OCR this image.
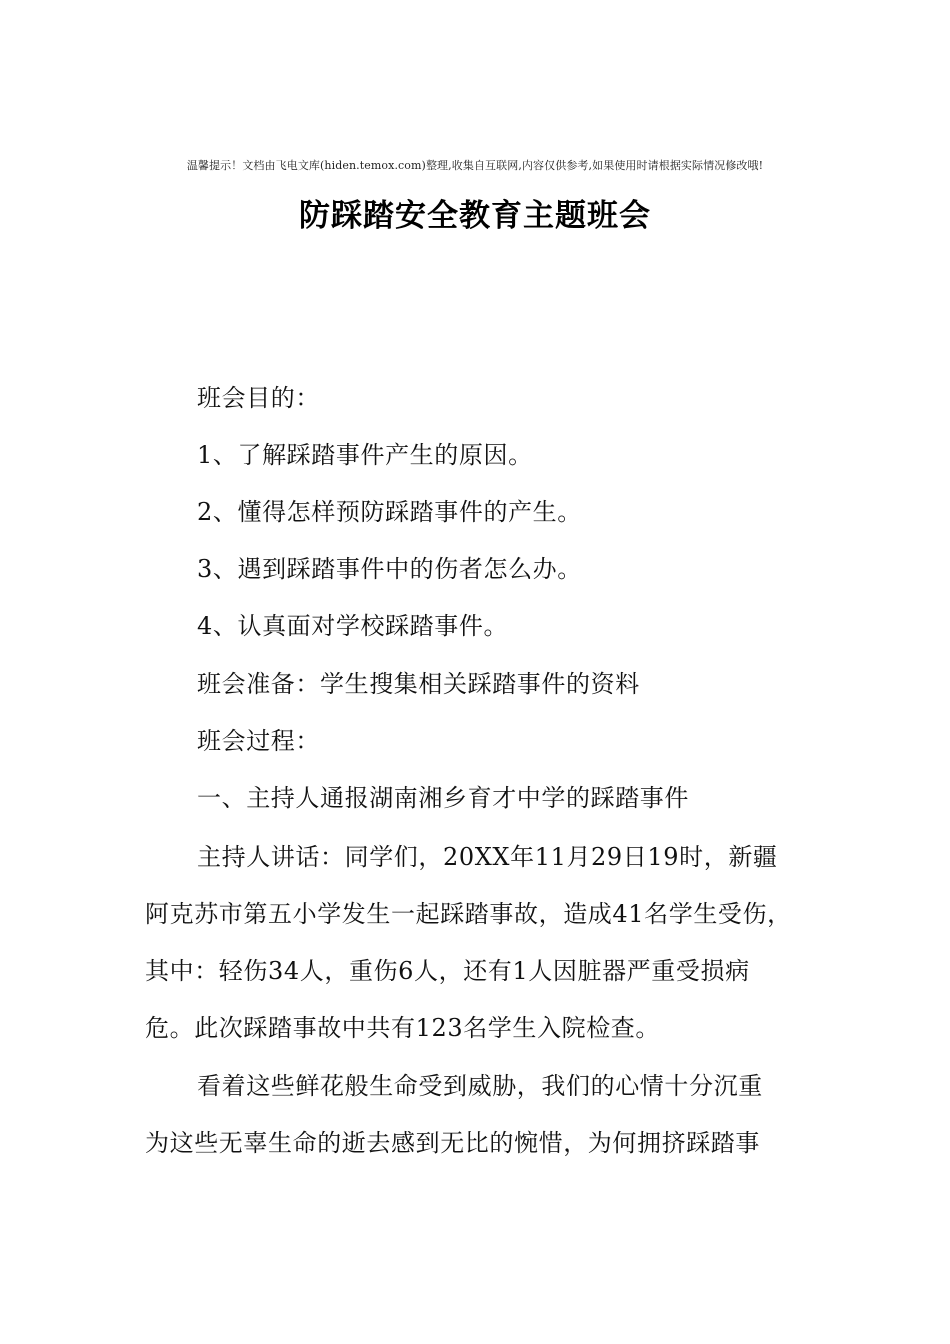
温馨提示！文档由飞电文库(hiden.temox.com)整理,收集自互联网,内容仅供参考,如果使用时请根据实际情况修改哦!
防踩踏安全教育主题班会
班会目的：
1、了解踩踏事件产生的原因。
2、懂得怎样预防踩踏事件的产生。
3、遇到踩踏事件中的伤者怎么办。
4、认真面对学校踩踏事件。
班会准备：学生搜集相关踩踏事件的资料
班会过程：
一、主持人通报湖南湘乡育才中学的踩踏事件
主持人讲话：同学们，20XX年11月29日19时，新疆
阿克苏市第五小学发生一起踩踏事故，造成41名学生受伤，
其中：轻伤34人，重伤6人，还有1人因脏器严重受损病
危。此次踩踏事故中共有123名学生入院检查。
看着这些鲜花般生命受到威胁，我们的心情十分沉重
为这些无辜生命的逝去感到无比的惋惜，为何拥挤踩踏事
